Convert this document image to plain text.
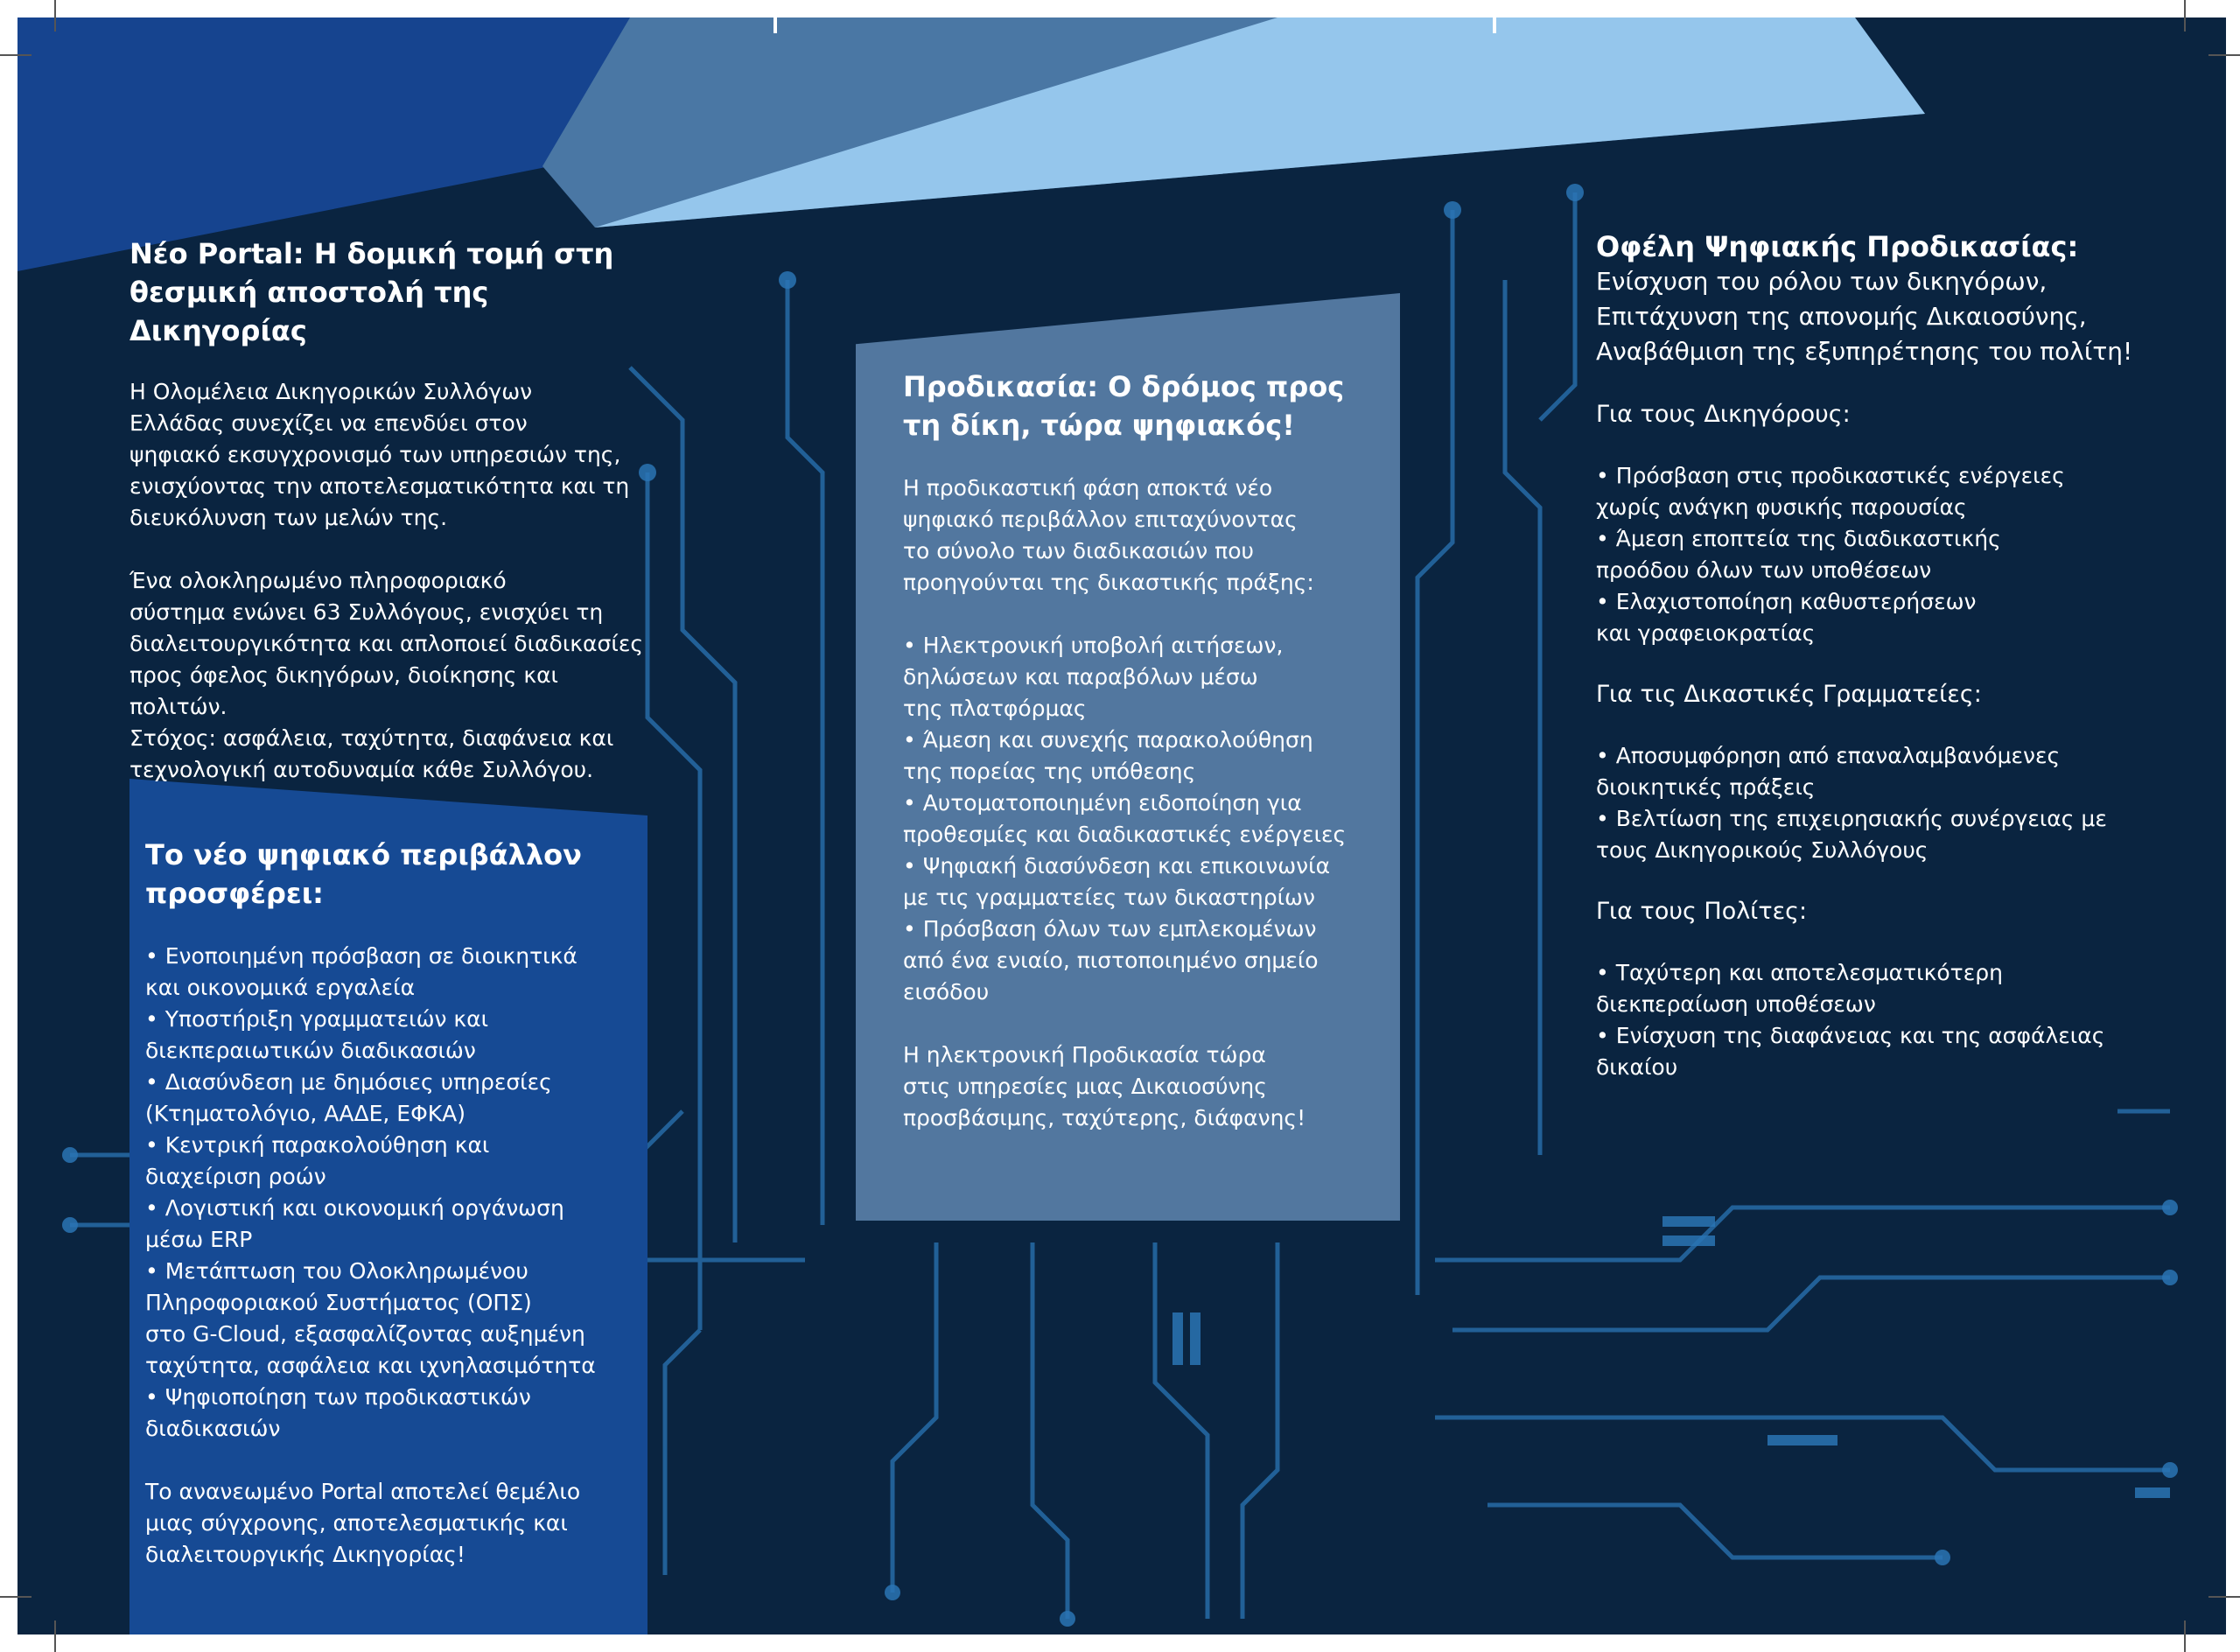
Νέο Portal: Η δομική τομή στη
θεσμική αποστολή της Δικηγορίας

Η Ολομέλεια Δικηγορικών Συλλόγων
Ελλάδας συνεχίζει να επενδύει στον
ψηφιακό εκσυγχρονισμό των υπηρεσιών της,
ενισχύοντας την αποτελεσματικότητα και τη
διευκόλυνση των μελών της.

Ένα ολοκληρωμένο πληροφοριακό
σύστημα ενώνει 63 Συλλόγους, ενισχύει τη
διαλειτουργικότητα και απλοποιεί διαδικασίες
προς όφελος δικηγόρων, διοίκησης και
πολιτών.
Στόχος: ασφάλεια, ταχύτητα, διαφάνεια και
τεχνολογική αυτοδυναμία κάθε Συλλόγου.

Το νέο ψηφιακό περιβάλλον
προσφέρει:
• Ενοποιημένη πρόσβαση σε διοικητικά
και οικονομικά εργαλεία
• Υποστήριξη γραμματειών και
διεκπεραιωτικών διαδικασιών
• Διασύνδεση με δημόσιες υπηρεσίες
(Κτηματολόγιο, ΑΑΔΕ, ΕΦΚΑ)
• Κεντρική παρακολούθηση και
διαχείριση ροών
• Λογιστική και οικονομική οργάνωση
μέσω ERP
• Μετάπτωση του Ολοκληρωμένου
Πληροφοριακού Συστήματος (ΟΠΣ)
στο G-Cloud, εξασφαλίζοντας αυξημένη
ταχύτητα, ασφάλεια και ιχνηλασιμότητα
• Ψηφιοποίηση των προδικαστικών
διαδικασιών

Το ανανεωμένο Portal αποτελεί θεμέλιο
μιας σύγχρονης, αποτελεσματικής και
διαλειτουργικής Δικηγορίας!

Προδικασία: Ο δρόμος προς
τη δίκη, τώρα ψηφιακός!

Η προδικαστική φάση αποκτά νέο
ψηφιακό περιβάλλον επιταχύνοντας
το σύνολο των διαδικασιών που
προηγούνται της δικαστικής πράξης:

• Ηλεκτρονική υποβολή αιτήσεων,
δηλώσεων και παραβόλων μέσω
της πλατφόρμας
• Άμεση και συνεχής παρακολούθηση
της πορείας της υπόθεσης
• Αυτοματοποιημένη ειδοποίηση για
προθεσμίες και διαδικαστικές ενέργειες
• Ψηφιακή διασύνδεση και επικοινωνία
με τις γραμματείες των δικαστηρίων
• Πρόσβαση όλων των εμπλεκομένων
από ένα ενιαίο, πιστοποιημένο σημείο
εισόδου

Η ηλεκτρονική Προδικασία τώρα
στις υπηρεσίες μιας Δικαιοσύνης
προσβάσιμης, ταχύτερης, διάφανης!

Οφέλη Ψηφιακής Προδικασίας:

Ενίσχυση του ρόλου των δικηγόρων,
Επιτάχυνση της απονομής Δικαιοσύνης,
Αναβάθμιση της εξυπηρέτησης του πολίτη!

Για τους Δικηγόρους:
• Πρόσβαση στις προδικαστικές ενέργειες
χωρίς ανάγκη φυσικής παρουσίας
• Άμεση εποπτεία της διαδικαστικής
προόδου όλων των υποθέσεων
• Ελαχιστοποίηση καθυστερήσεων
και γραφειοκρατίας
Για τις Δικαστικές Γραμματείες:
• Αποσυμφόρηση από επαναλαμβανόμενες
διοικητικές πράξεις
• Βελτίωση της επιχειρησιακής συνέργειας με
τους Δικηγορικούς Συλλόγους
Για τους Πολίτες:
• Ταχύτερη και αποτελεσματικότερη
διεκπεραίωση υποθέσεων
• Ενίσχυση της διαφάνειας και της ασφάλειας
δικαίου
